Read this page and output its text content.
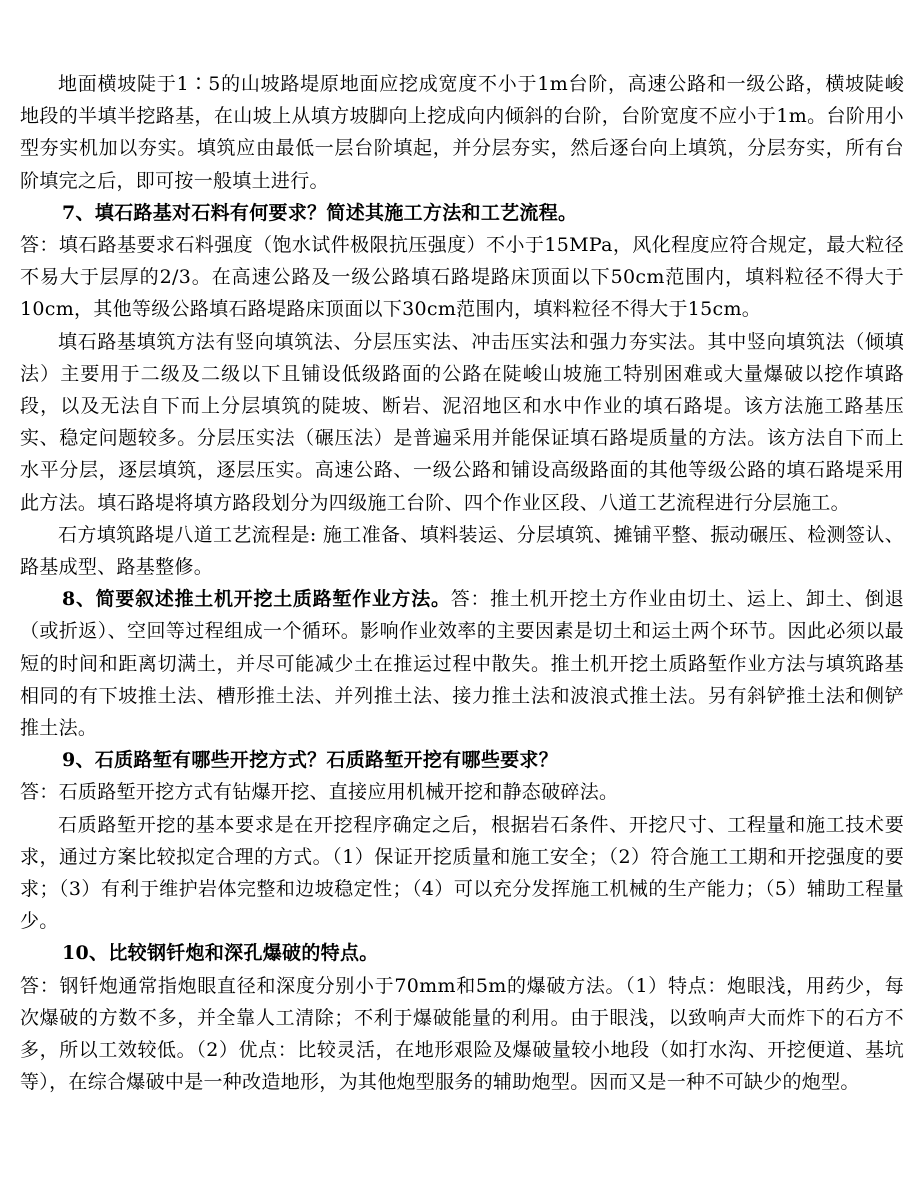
地面横坡陡于1∶5的山坡路堤原地面应挖成宽度不小于1m台阶，高速公路和一级公路，横坡陡峻地段的半填半挖路基，在山坡上从填方坡脚向上挖成向内倾斜的台阶，台阶宽度不应小于1m。台阶用小型夯实机加以夯实。填筑应由最低一层台阶填起，并分层夯实，然后逐台向上填筑，分层夯实，所有台阶填完之后，即可按一般填土进行。

7、填石路基对石料有何要求？简述其施工方法和工艺流程。

答：填石路基要求石料强度（饱水试件极限抗压强度）不小于15MPa，风化程度应符合规定，最大粒径不易大于层厚的2/3。在高速公路及一级公路填石路堤路床顶面以下50cm范围内，填料粒径不得大于10cm，其他等级公路填石路堤路床顶面以下30cm范围内，填料粒径不得大于15cm。

填石路基填筑方法有竖向填筑法、分层压实法、冲击压实法和强力夯实法。其中竖向填筑法（倾填法）主要用于二级及二级以下且铺设低级路面的公路在陡峻山坡施工特别困难或大量爆破以挖作填路段，以及无法自下而上分层填筑的陡坡、断岩、泥沼地区和水中作业的填石路堤。该方法施工路基压实、稳定问题较多。分层压实法（碾压法）是普遍采用并能保证填石路堤质量的方法。该方法自下而上水平分层，逐层填筑，逐层压实。高速公路、一级公路和铺设高级路面的其他等级公路的填石路堤采用此方法。填石路堤将填方路段划分为四级施工台阶、四个作业区段、八道工艺流程进行分层施工。

石方填筑路堤八道工艺流程是: 施工准备、填料装运、分层填筑、摊铺平整、振动碾压、检测签认、路基成型、路基整修。

8、简要叙述推土机开挖土质路堑作业方法。答：推土机开挖土方作业由切土、运上、卸土、倒退（或折返）、空回等过程组成一个循环。影响作业效率的主要因素是切土和运土两个环节。因此必须以最短的时间和距离切满土，并尽可能减少土在推运过程中散失。推土机开挖土质路堑作业方法与填筑路基相同的有下坡推土法、槽形推土法、并列推土法、接力推土法和波浪式推土法。另有斜铲推土法和侧铲推土法。

9、石质路堑有哪些开挖方式？石质路堑开挖有哪些要求？

答：石质路堑开挖方式有钻爆开挖、直接应用机械开挖和静态破碎法。

石质路堑开挖的基本要求是在开挖程序确定之后，根据岩石条件、开挖尺寸、工程量和施工技术要求，通过方案比较拟定合理的方式。（1）保证开挖质量和施工安全；（2）符合施工工期和开挖强度的要求；（3）有利于维护岩体完整和边坡稳定性；（4）可以充分发挥施工机械的生产能力；（5）辅助工程量少。

10、比较钢钎炮和深孔爆破的特点。

答：钢钎炮通常指炮眼直径和深度分别小于70mm和5m的爆破方法。（1）特点：炮眼浅，用药少，每次爆破的方数不多，并全靠人工清除；不利于爆破能量的利用。由于眼浅，以致响声大而炸下的石方不多，所以工效较低。（2）优点：比较灵活，在地形艰险及爆破量较小地段（如打水沟、开挖便道、基坑等），在综合爆破中是一种改造地形，为其他炮型服务的辅助炮型。因而又是一种不可缺少的炮型。
